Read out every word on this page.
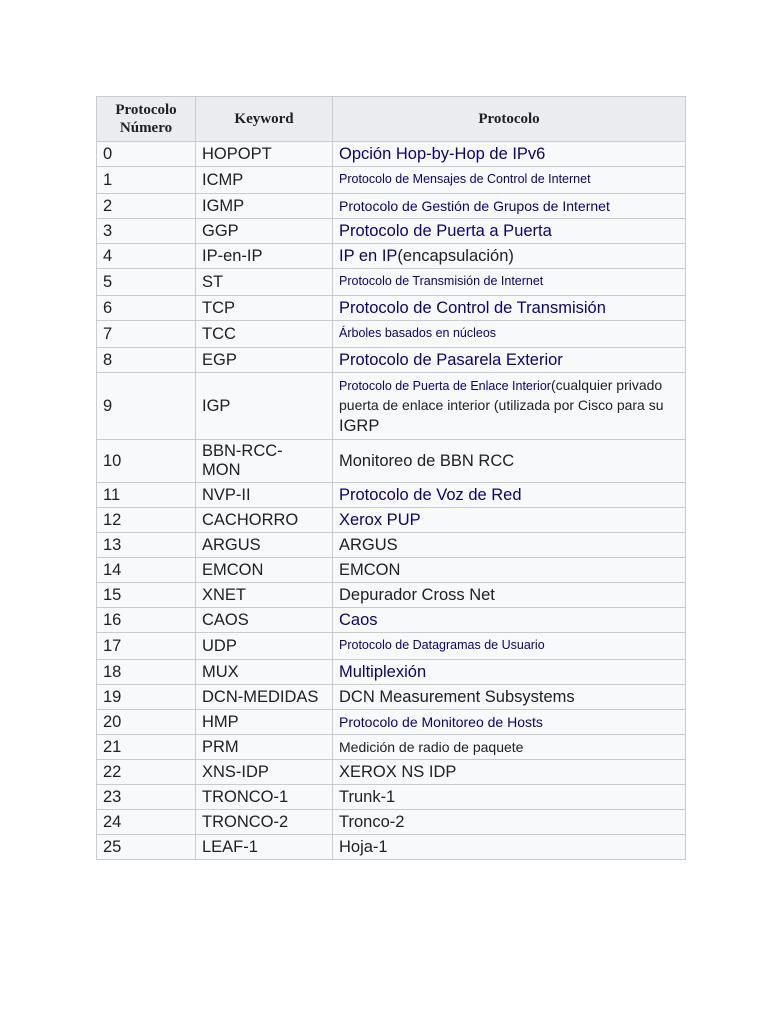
Protocolo Número	Keyword	Protocolo
0	HOPOPT	Opción Hop-by-Hop de IPv6
1	ICMP	Protocolo de Mensajes de Control de Internet
2	IGMP	Protocolo de Gestión de Grupos de Internet
3	GGP	Protocolo de Puerta a Puerta
4	IP-en-IP	IP en IP(encapsulación)
5	ST	Protocolo de Transmisión de Internet
6	TCP	Protocolo de Control de Transmisión
7	TCC	Árboles basados en núcleos
8	EGP	Protocolo de Pasarela Exterior
9	IGP	Protocolo de Puerta de Enlace Interior(cualquier privado puerta de enlace interior (utilizada por Cisco para su
IGRP
10	BBN-RCC-MON	Monitoreo de BBN RCC
11	NVP-II	Protocolo de Voz de Red
12	CACHORRO	Xerox PUP
13	ARGUS	ARGUS
14	EMCON	EMCON
15	XNET	Depurador Cross Net
16	CAOS	Caos
17	UDP	Protocolo de Datagramas de Usuario
18	MUX	Multiplexión
19	DCN-MEDIDAS	DCN Measurement Subsystems
20	HMP	Protocolo de Monitoreo de Hosts
21	PRM	Medición de radio de paquete
22	XNS-IDP	XEROX NS IDP
23	TRONCO-1	Trunk-1
24	TRONCO-2	Tronco-2
25	LEAF-1	Hoja-1
